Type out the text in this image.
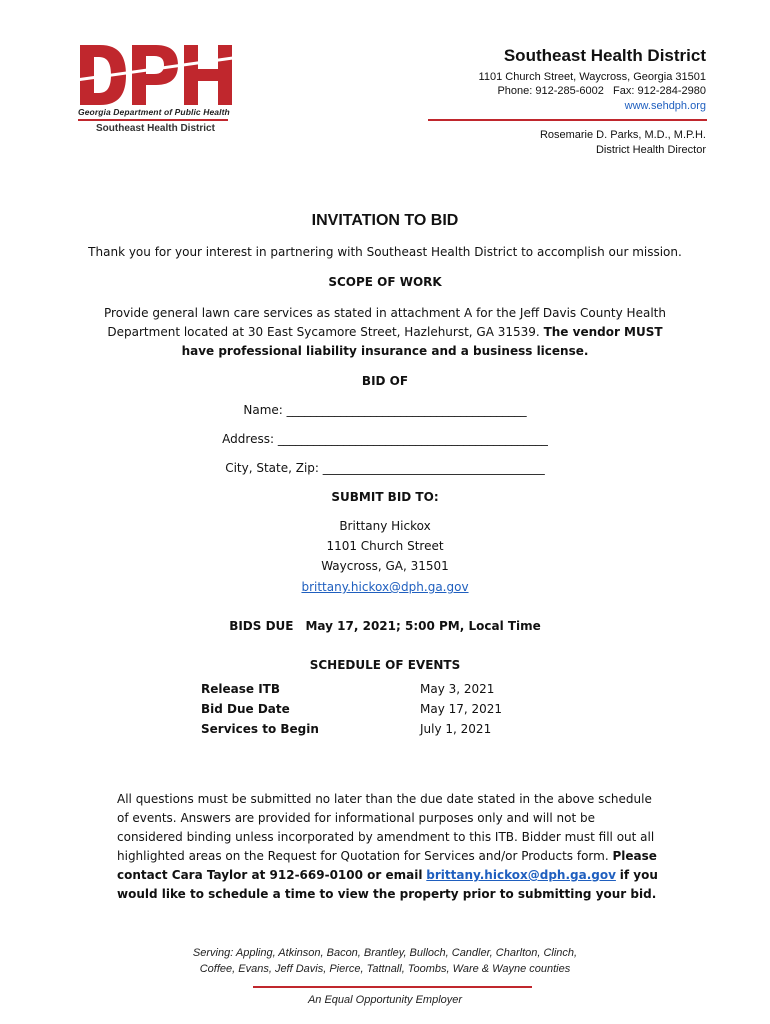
Georgia Department of Public Health
Southeast Health District
Southeast Health District
1101 Church Street, Waycross, Georgia 31501
Phone: 912-285-6002   Fax: 912-284-2980
www.sehdph.org
Rosemarie D. Parks, M.D., M.P.H.
District Health Director
INVITATION TO BID
Thank you for your interest in partnering with Southeast Health District to accomplish our mission.
SCOPE OF WORK
Provide general lawn care services as stated in attachment A for the Jeff Davis County Health Department located at 30 East Sycamore Street, Hazlehurst, GA 31539. The vendor MUST have professional liability insurance and a business license.
BID OF
Name: ________________________________________
Address: _____________________________________________
City, State, Zip: _____________________________________
SUBMIT BID TO:
Brittany Hickox
1101 Church Street
Waycross, GA, 31501
brittany.hickox@dph.ga.gov
BIDS DUE May 17, 2021; 5:00 PM, Local Time
SCHEDULE OF EVENTS
Release ITB	May 3, 2021
Bid Due Date	May 17, 2021
Services to Begin	July 1, 2021
All questions must be submitted no later than the due date stated in the above schedule of events. Answers are provided for informational purposes only and will not be considered binding unless incorporated by amendment to this ITB. Bidder must fill out all highlighted areas on the Request for Quotation for Services and/or Products form. Please contact Cara Taylor at 912-669-0100 or email brittany.hickox@dph.ga.gov if you would like to schedule a time to view the property prior to submitting your bid.
Serving: Appling, Atkinson, Bacon, Brantley, Bulloch, Candler, Charlton, Clinch,
Coffee, Evans, Jeff Davis, Pierce, Tattnall, Toombs, Ware & Wayne counties
An Equal Opportunity Employer
